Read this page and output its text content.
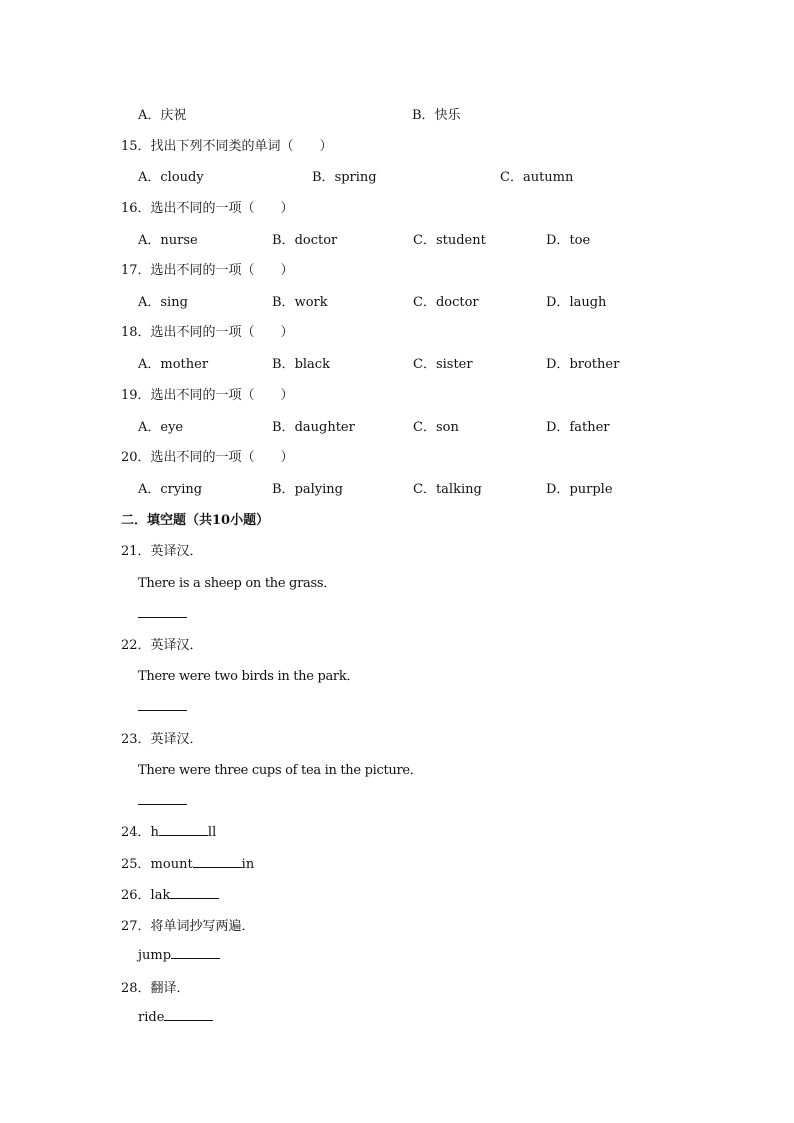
A．庆祝	B．快乐
15．找出下列不同类的单词（　　）
A．cloudy	B．spring	C．autumn
16．选出不同的一项（　　）
A．nurse	B．doctor	C．student	D．toe
17．选出不同的一项（　　）
A．sing	B．work	C．doctor	D．laugh
18．选出不同的一项（　　）
A．mother	B．black	C．sister	D．brother
19．选出不同的一项（　　）
A．eye	B．daughter	C．son	D．father
20．选出不同的一项（　　）
A．crying	B．palying	C．talking	D．purple
二．填空题（共10小题）
21．英译汉．
There is a sheep on the grass．
22．英译汉．
There were two birds in the park．
23．英译汉．
There were three cups of tea in the picture．
24．h	ll
25．mount	in
26．lak
27．将单词抄写两遍．
jump
28．翻译．
ride
